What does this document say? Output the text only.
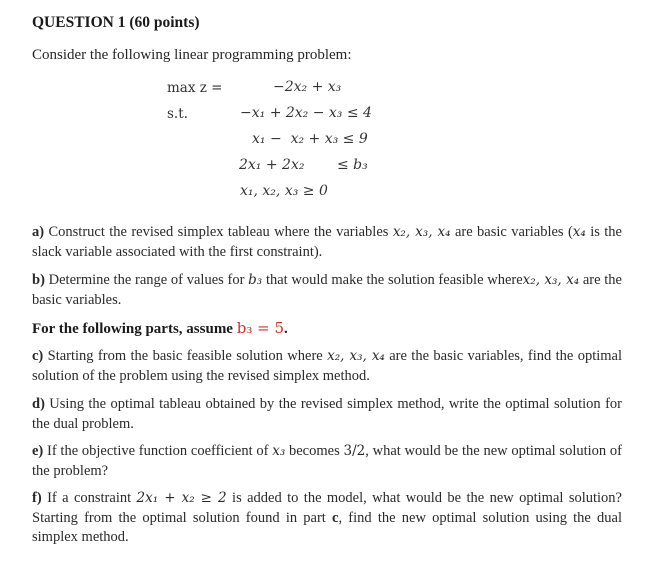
QUESTION 1 (60 points)
Consider the following linear programming problem:
max z =	−2x₂ + x₃
s.t.	−x₁ + 2x₂ − x₃ ≤ 4
x₁ −  x₂ + x₃ ≤ 9
2x₁ + 2x₂ ≤ b₃
x₁, x₂, x₃ ≥ 0
a) Construct the revised simplex tableau where the variables x₂, x₃, x₄ are basic variables (x₄ is the slack variable associated with the first constraint).
b) Determine the range of values for b₃ that would make the solution feasible wherex₂, x₃, x₄ are the basic variables.
For the following parts, assume b₃ = 5.
c) Starting from the basic feasible solution where x₂, x₃, x₄ are the basic variables, find the optimal solution of the problem using the revised simplex method.
d) Using the optimal tableau obtained by the revised simplex method, write the optimal solution for the dual problem.
e) If the objective function coefficient of x₃ becomes 3/2, what would be the new optimal solution of the problem?
f) If a constraint 2x₁ + x₂ ≥ 2 is added to the model, what would be the new optimal solution? Starting from the optimal solution found in part c, find the new optimal solution using the dual simplex method.
